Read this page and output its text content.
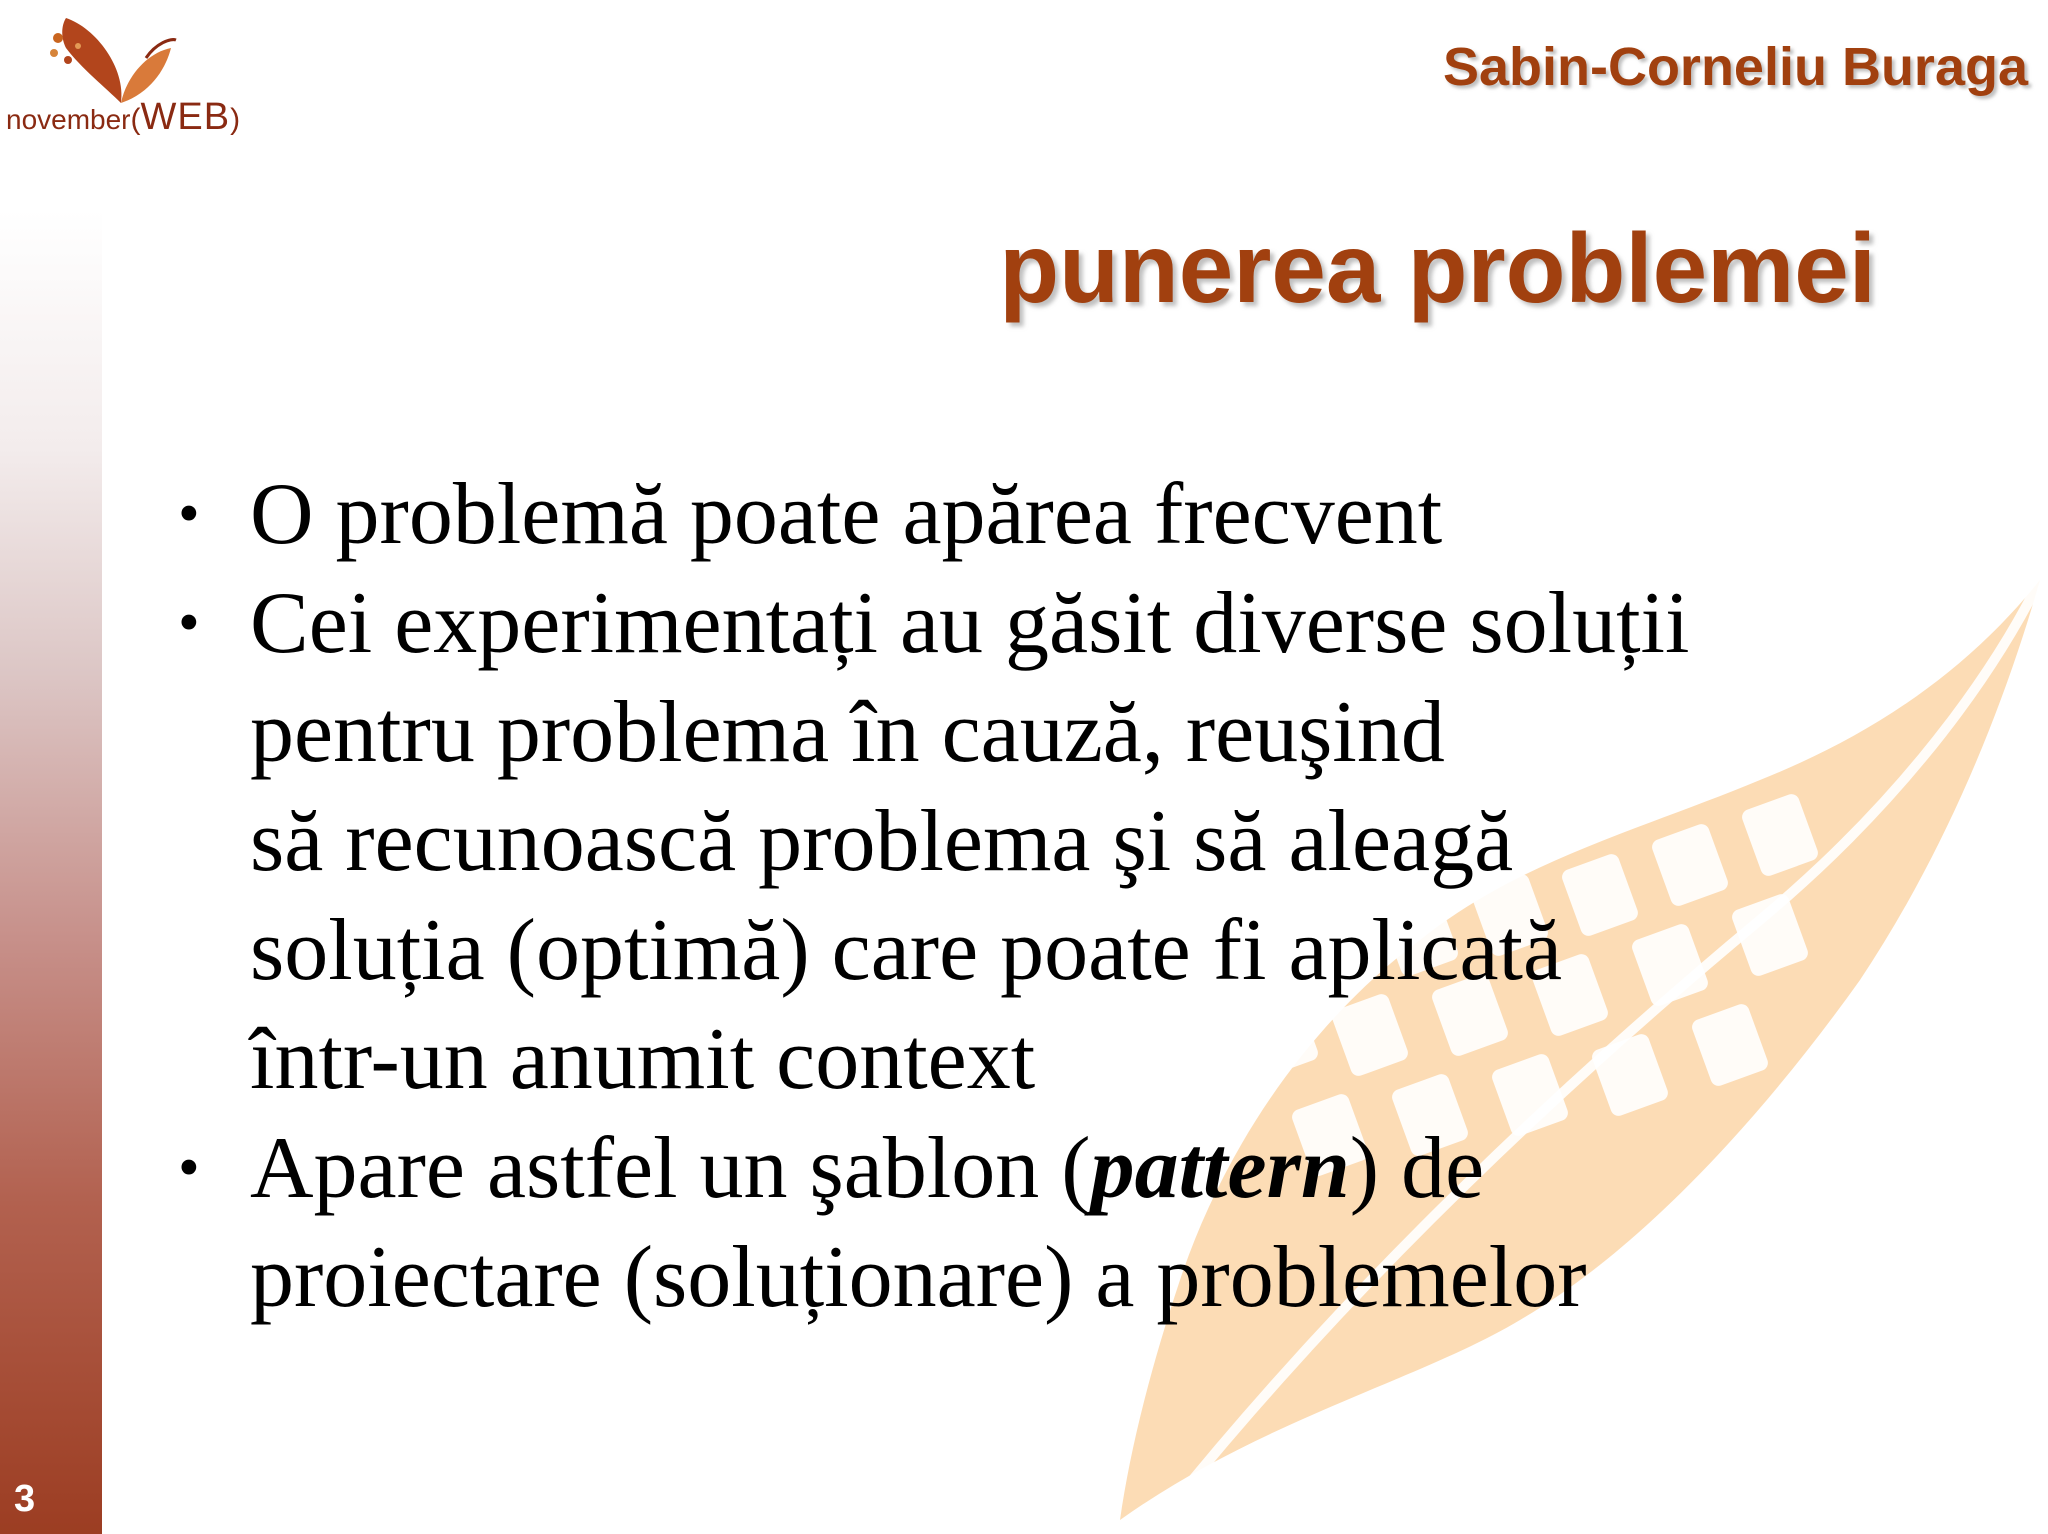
3
november(WEB)
Sabin-Corneliu Buraga
punerea problemei
• O problemă poate apărea frecvent
• Cei experimentați au găsit diverse soluții
pentru problema în cauză, reuşind
să recunoască problema şi să aleagă
soluția (optimă) care poate fi aplicată
într-un anumit context
• Apare astfel un şablon (pattern) de
proiectare (soluționare) a problemelor
